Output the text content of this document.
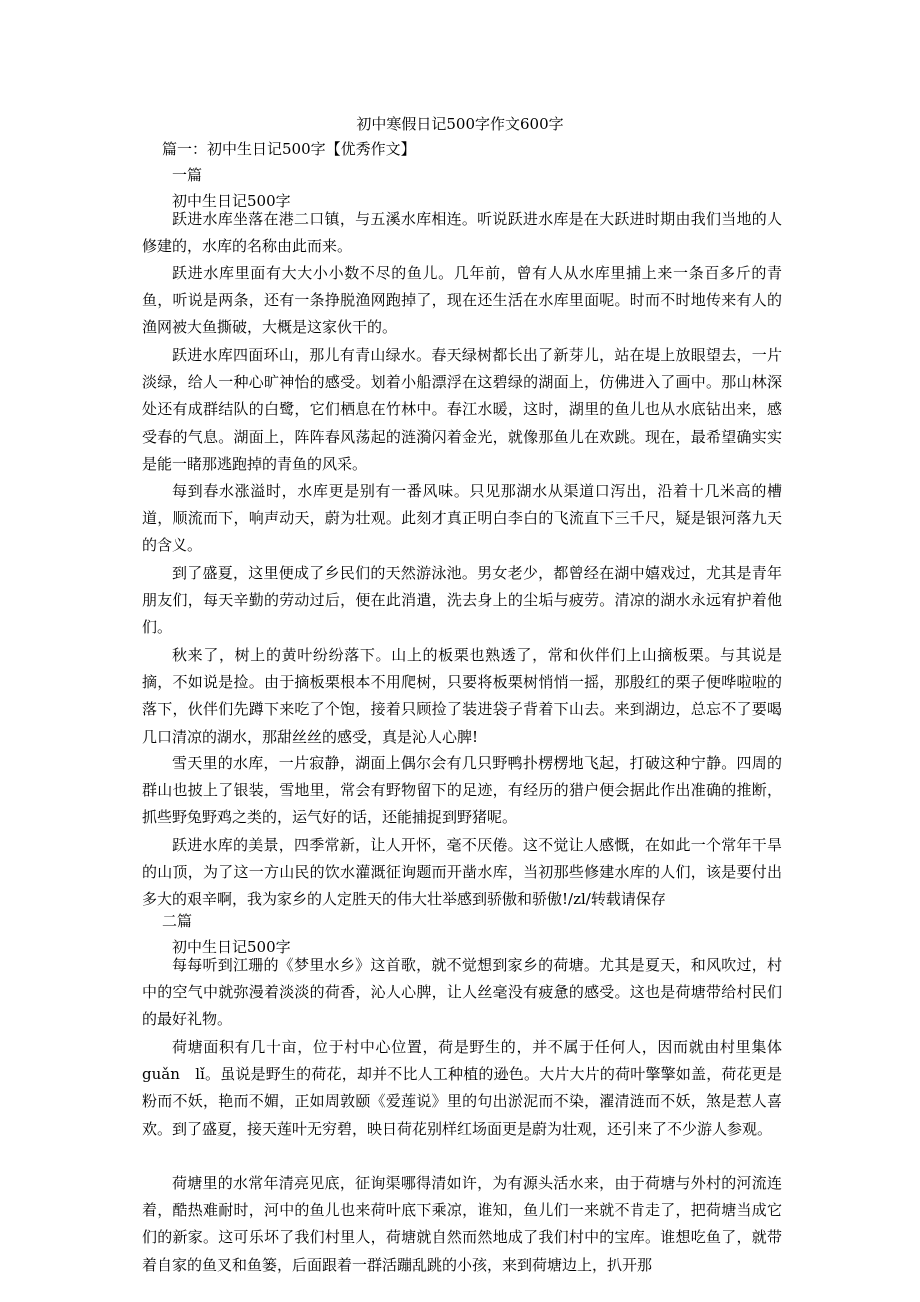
初中寒假日记500字作文600字
篇一：初中生日记500字【优秀作文】
一篇
初中生日记500字

跃进水库坐落在港二口镇，与五溪水库相连。听说跃进水库是在大跃进时期由我们当地的人修建的，水库的名称由此而来。

跃进水库里面有大大小小数不尽的鱼儿。几年前，曾有人从水库里捕上来一条百多斤的青鱼，听说是两条，还有一条挣脱渔网跑掉了，现在还生活在水库里面呢。时而不时地传来有人的渔网被大鱼撕破，大概是这家伙干的。

跃进水库四面环山，那儿有青山绿水。春天绿树都长出了新芽儿，站在堤上放眼望去，一片淡绿，给人一种心旷神怡的感受。划着小船漂浮在这碧绿的湖面上，仿佛进入了画中。那山林深处还有成群结队的白鹭，它们栖息在竹林中。春江水暖，这时，湖里的鱼儿也从水底钻出来，感受春的气息。湖面上，阵阵春风荡起的涟漪闪着金光，就像那鱼儿在欢跳。现在，最希望确实实是能一睹那逃跑掉的青鱼的风采。

每到春水涨溢时，水库更是别有一番风味。只见那湖水从渠道口泻出，沿着十几米高的槽道，顺流而下，响声动天，蔚为壮观。此刻才真正明白李白的飞流直下三千尺，疑是银河落九天的含义。

到了盛夏，这里便成了乡民们的天然游泳池。男女老少，都曾经在湖中嬉戏过，尤其是青年朋友们，每天辛勤的劳动过后，便在此消遣，洗去身上的尘垢与疲劳。清凉的湖水永远宥护着他们。

秋来了，树上的黄叶纷纷落下。山上的板栗也熟透了，常和伙伴们上山摘板栗。与其说是摘，不如说是捡。由于摘板栗根本不用爬树，只要将板栗树悄悄一摇，那殷红的栗子便哗啦啦的落下，伙伴们先蹲下来吃了个饱，接着只顾捡了装进袋子背着下山去。来到湖边，总忘不了要喝几口清凉的湖水，那甜丝丝的感受，真是沁人心脾!

雪天里的水库，一片寂静，湖面上偶尔会有几只野鸭扑楞楞地飞起，打破这种宁静。四周的群山也披上了银装，雪地里，常会有野物留下的足迹，有经历的猎户便会据此作出准确的推断，抓些野兔野鸡之类的，运气好的话，还能捕捉到野猪呢。

跃进水库的美景，四季常新，让人开怀，毫不厌倦。这不觉让人感慨，在如此一个常年干旱的山顶，为了这一方山民的饮水灌溉征询题而开凿水库，当初那些修建水库的人们，该是要付出多大的艰辛啊，我为家乡的人定胜天的伟大壮举感到骄傲和骄傲!/zl/转载请保存

二篇
初中生日记500字

每每听到江珊的《梦里水乡》这首歌，就不觉想到家乡的荷塘。尤其是夏天，和风吹过，村中的空气中就弥漫着淡淡的荷香，沁人心脾，让人丝毫没有疲惫的感受。这也是荷塘带给村民们的最好礼物。

荷塘面积有几十亩，位于村中心位置，荷是野生的，并不属于任何人，因而就由村里集体 guǎn　lǐ。虽说是野生的荷花，却并不比人工种植的逊色。大片大片的荷叶擎擎如盖，荷花更是粉而不妖，艳而不媚，正如周敦颐《爱莲说》里的句出淤泥而不染，濯清涟而不妖，煞是惹人喜欢。到了盛夏，接天莲叶无穷碧，映日荷花别样红场面更是蔚为壮观，还引来了不少游人参观。

荷塘里的水常年清亮见底，征询渠哪得清如许，为有源头活水来，由于荷塘与外村的河流连着，酷热难耐时，河中的鱼儿也来荷叶底下乘凉，谁知，鱼儿们一来就不肯走了，把荷塘当成它们的新家。这可乐坏了我们村里人，荷塘就自然而然地成了我们村中的宝库。谁想吃鱼了，就带着自家的鱼叉和鱼篓，后面跟着一群活蹦乱跳的小孩，来到荷塘边上，扒开那
